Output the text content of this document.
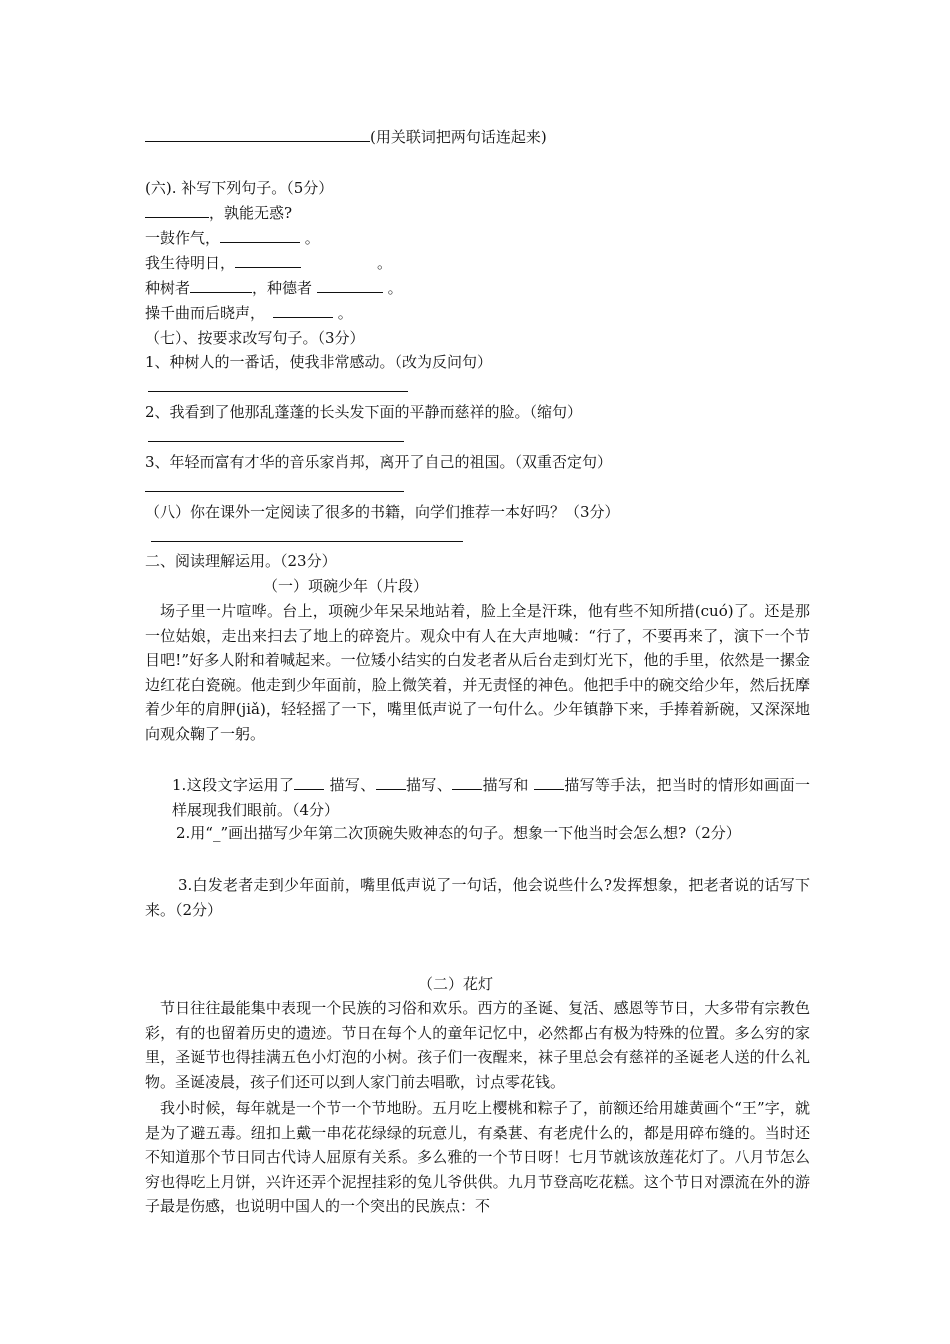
(用关联词把两句话连起来)
(六). 补写下列句子。（5分）
，孰能无惑?
一鼓作气，	。
我生待明日，	。
种树者	，种德者	。
操千曲而后晓声，	。
（七）、按要求改写句子。（3分）
1、种树人的一番话，使我非常感动。（改为反问句）
2、我看到了他那乱蓬蓬的长头发下面的平静而慈祥的脸。（缩句）
3、年轻而富有才华的音乐家肖邦，离开了自己的祖国。（双重否定句）
（八）你在课外一定阅读了很多的书籍，向学们推荐一本好吗？（3分）
二、阅读理解运用。（23分）
（一）项碗少年（片段）
场子里一片喧哗。台上，项碗少年呆呆地站着，脸上全是汗珠，他有些不知所措(cuó)了。还是那一位姑娘，走出来扫去了地上的碎瓷片。观众中有人在大声地喊：“行了，不要再来了，演下一个节目吧!”好多人附和着喊起来。一位矮小结实的白发老者从后台走到灯光下，他的手里，依然是一摞金边红花白瓷碗。他走到少年面前，脸上微笑着，并无责怪的神色。他把手中的碗交给少年，然后抚摩着少年的肩胛(jiǎ)，轻轻摇了一下，嘴里低声说了一句什么。少年镇静下来，手捧着新碗，又深深地向观众鞠了一躬。
1.这段文字运用了 描写、 描写、 描写和 描写等手法，把当时的情形如画面一样展现我们眼前。（4分）
2.用“_”画出描写少年第二次顶碗失败神态的句子。想象一下他当时会怎么想?（2分）
3.白发老者走到少年面前，嘴里低声说了一句话，他会说些什么?发挥想象，把老者说的话写下来。（2分）
（二）花灯
节日往往最能集中表现一个民族的习俗和欢乐。西方的圣诞、复活、感恩等节日，大多带有宗教色彩，有的也留着历史的遗迹。节日在每个人的童年记忆中，必然都占有极为特殊的位置。多么穷的家里，圣诞节也得挂满五色小灯泡的小树。孩子们一夜醒来，袜子里总会有慈祥的圣诞老人送的什么礼物。圣诞凌晨，孩子们还可以到人家门前去唱歌，讨点零花钱。
我小时候，每年就是一个节一个节地盼。五月吃上樱桃和粽子了，前额还给用雄黄画个“王”字，就是为了避五毒。纽扣上戴一串花花绿绿的玩意儿，有桑葚、有老虎什么的，都是用碎布缝的。当时还不知道那个节日同古代诗人屈原有关系。多么雅的一个节日呀！七月节就该放莲花灯了。八月节怎么穷也得吃上月饼，兴许还弄个泥捏挂彩的兔儿爷供供。九月节登高吃花糕。这个节日对漂流在外的游子最是伤感，也说明中国人的一个突出的民族点：不
